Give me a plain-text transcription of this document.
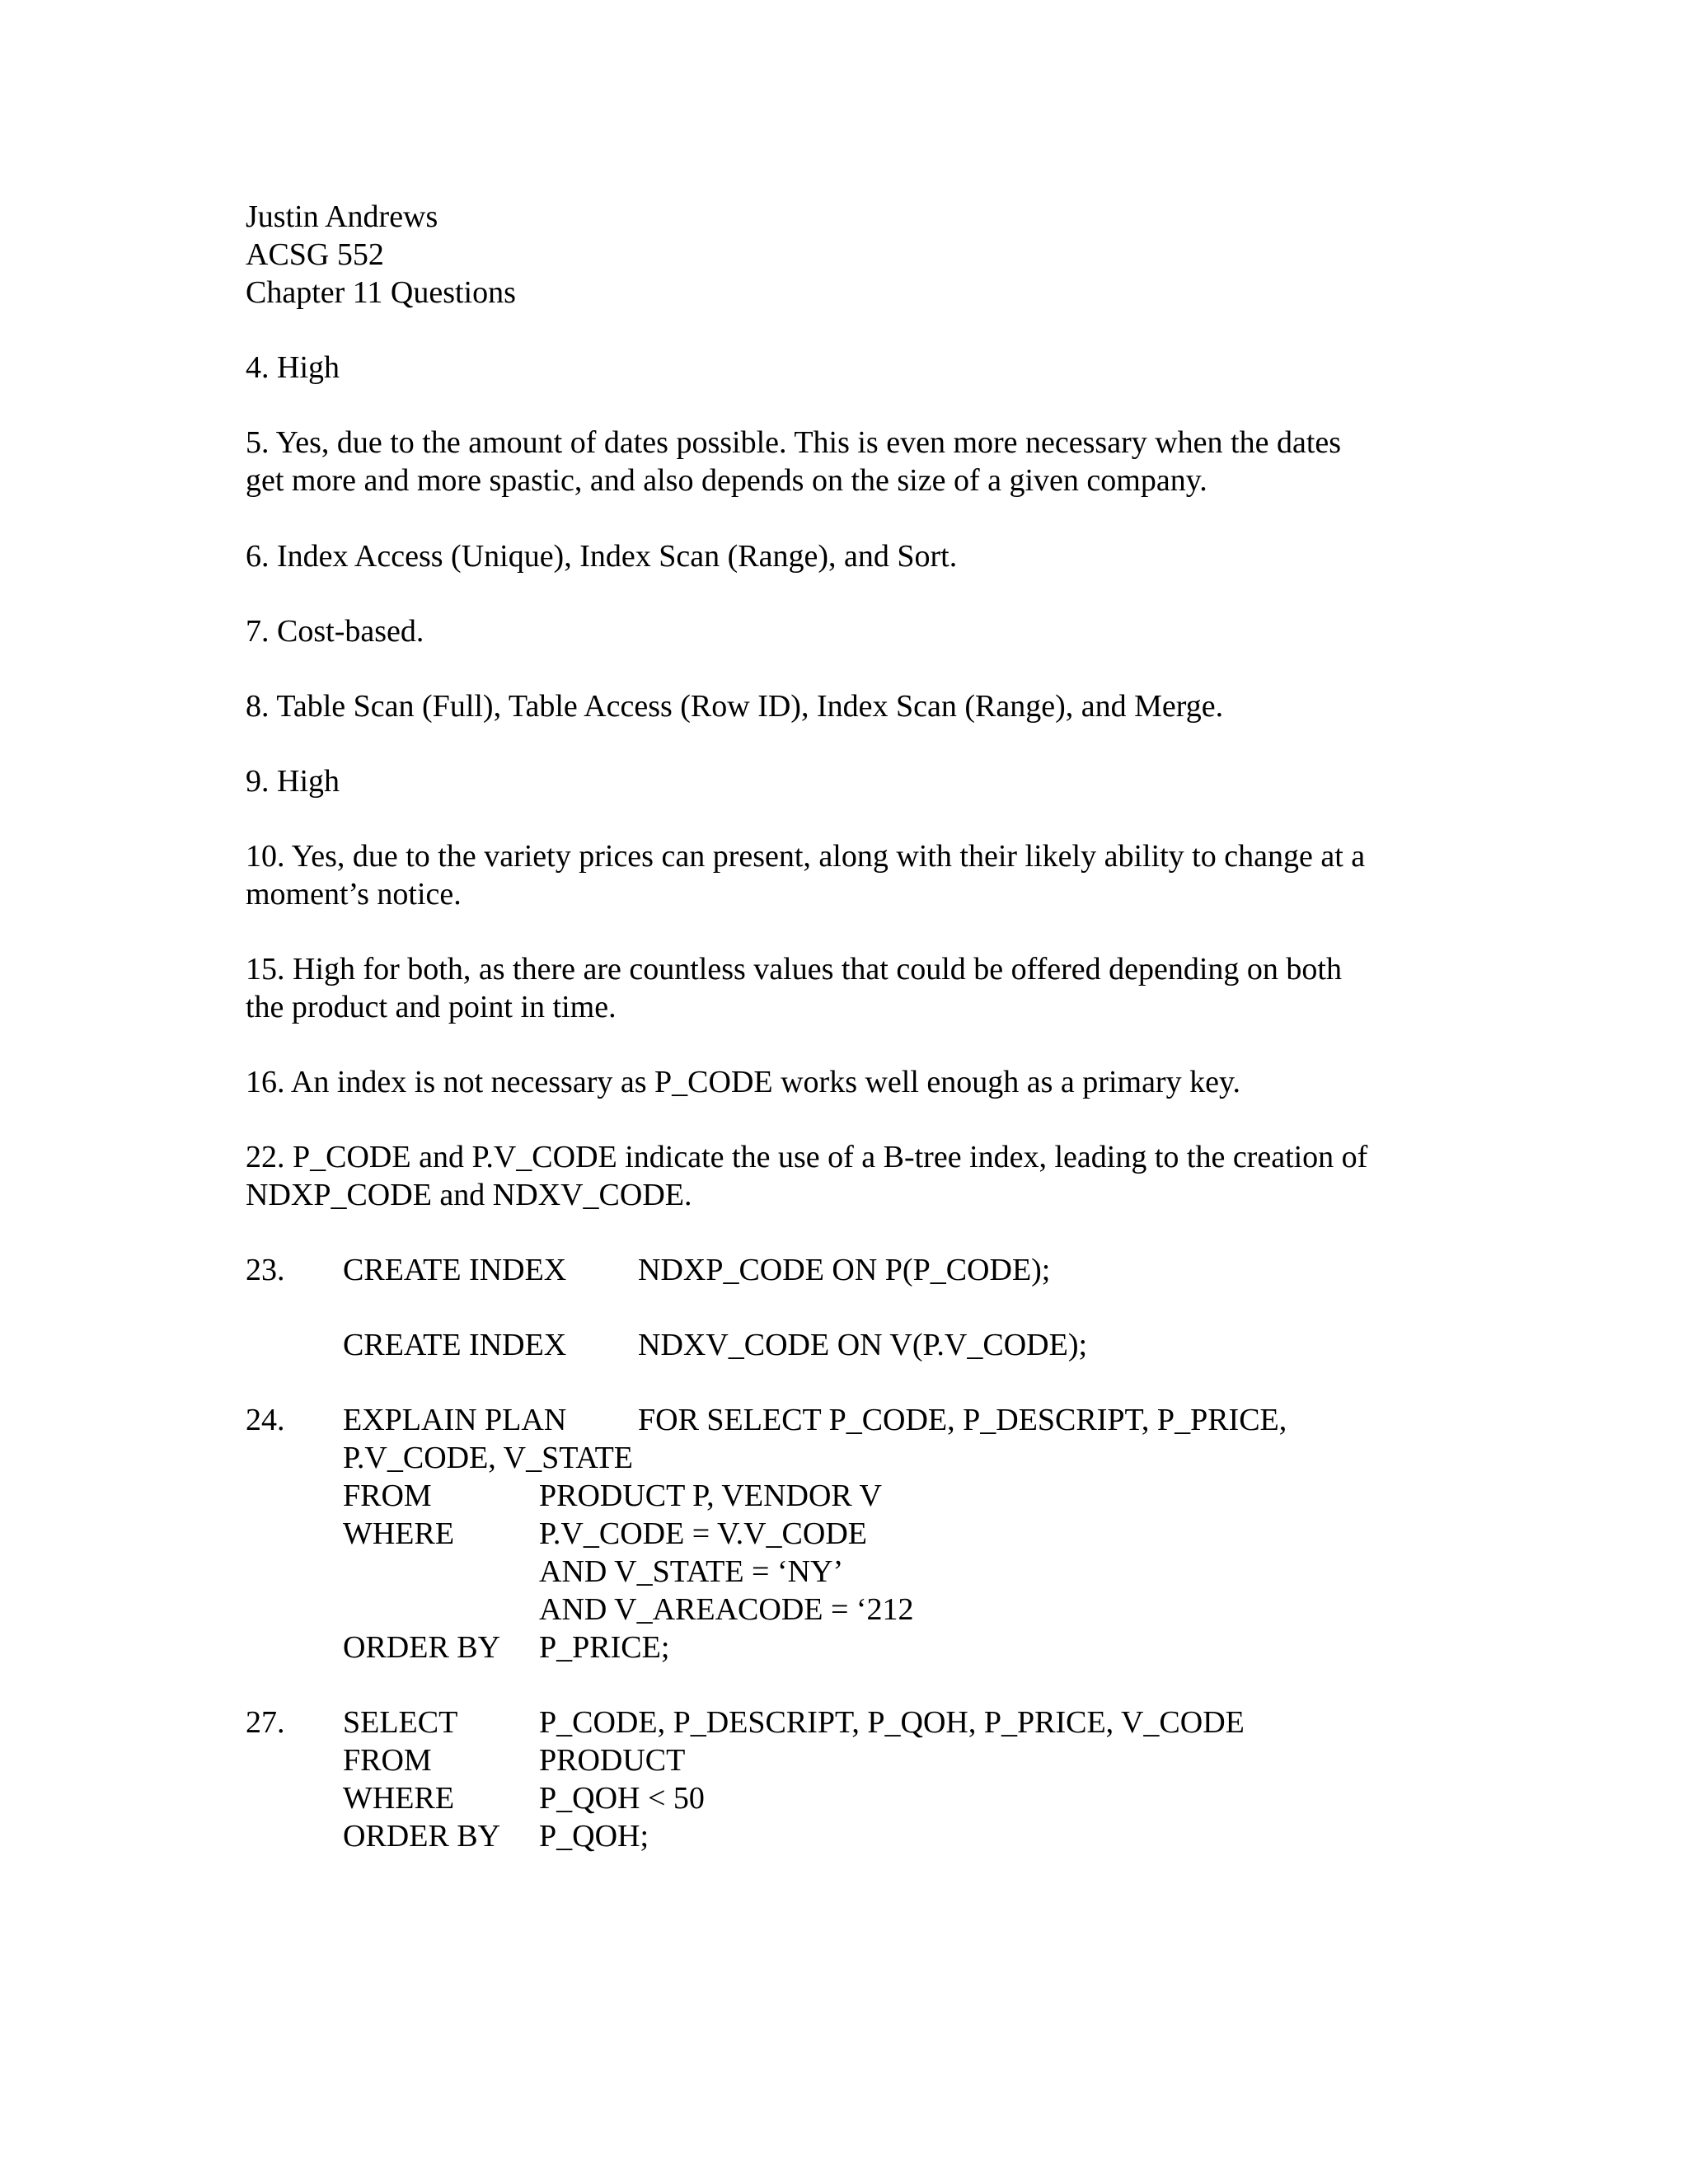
Justin Andrews
ACSG 552
Chapter 11 Questions
4. High
5. Yes, due to the amount of dates possible. This is even more necessary when the dates
get more and more spastic, and also depends on the size of a given company.
6. Index Access (Unique), Index Scan (Range), and Sort.
7. Cost-based.
8. Table Scan (Full), Table Access (Row ID), Index Scan (Range), and Merge.
9. High
10. Yes, due to the variety prices can present, along with their likely ability to change at a
moment’s notice.
15. High for both, as there are countless values that could be offered depending on both
the product and point in time.
16. An index is not necessary as P_CODE works well enough as a primary key.
22. P_CODE and P.V_CODE indicate the use of a B-tree index, leading to the creation of
NDXP_CODE and NDXV_CODE.
23. CREATE INDEX NDXP_CODE ON P(P_CODE);
CREATE INDEX NDXV_CODE ON V(P.V_CODE);
24. EXPLAIN PLAN FOR SELECT P_CODE, P_DESCRIPT, P_PRICE,
P.V_CODE, V_STATE
FROM	PRODUCT P, VENDOR V
WHERE	P.V_CODE = V.V_CODE
AND V_STATE = ‘NY’
AND V_AREACODE = ‘212
ORDER BY P_PRICE;
27. SELECT	P_CODE, P_DESCRIPT, P_QOH, P_PRICE, V_CODE
FROM	PRODUCT
WHERE	P_QOH < 50
ORDER BY P_QOH;
